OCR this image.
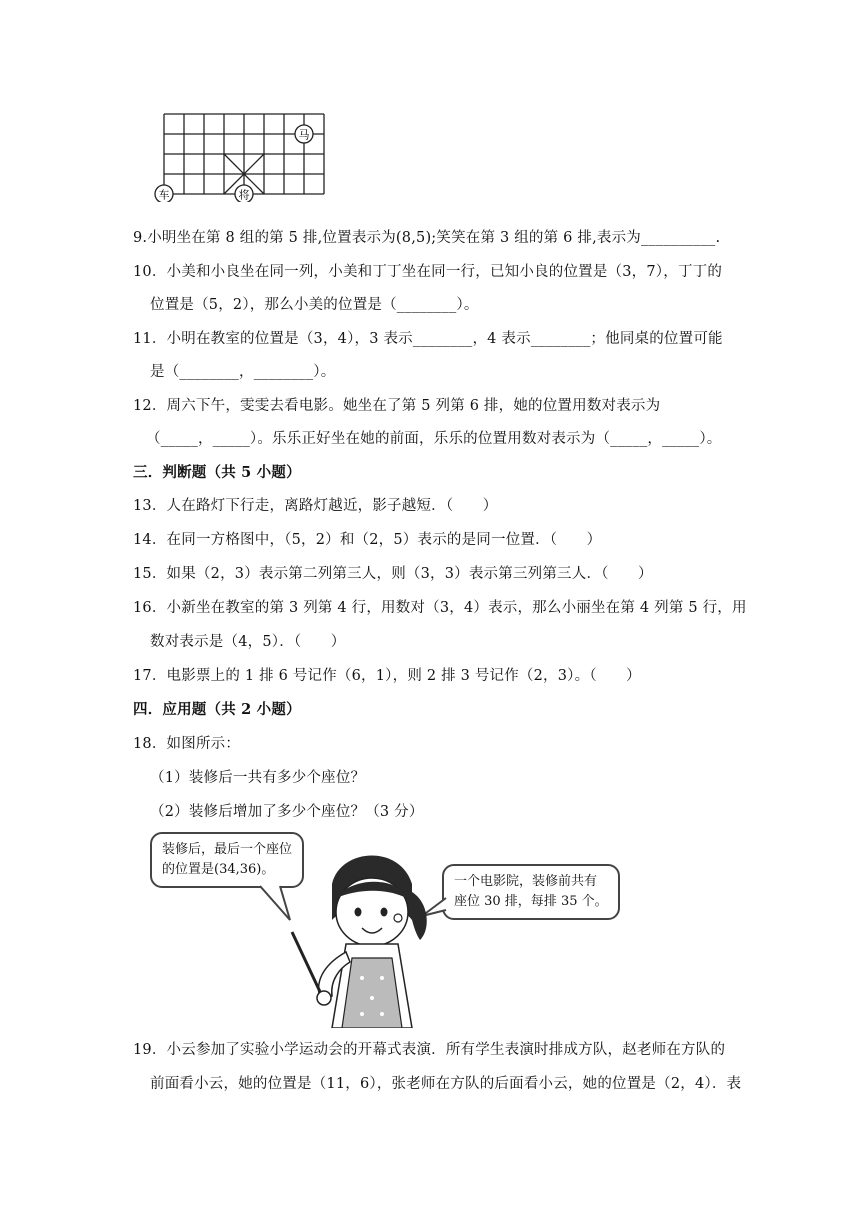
马
车	将
9.小明坐在第 8 组的第 5 排,位置表示为(8,5);笑笑在第 3 组的第 6 排,表示为__________.
10．小美和小良坐在同一列，小美和丁丁坐在同一行，已知小良的位置是（3，7），丁丁的
位置是（5，2），那么小美的位置是（________）。
11．小明在教室的位置是（3，4），3 表示________，4 表示________；他同桌的位置可能
是（________，________）。
12．周六下午，雯雯去看电影。她坐在了第 5 列第 6 排，她的位置用数对表示为
（_____，_____）。乐乐正好坐在她的前面，乐乐的位置用数对表示为（_____，_____）。
三．判断题（共 5 小题）
13．人在路灯下行走，离路灯越近，影子越短．（　　）
14．在同一方格图中，（5，2）和（2，5）表示的是同一位置．（　　）
15．如果（2，3）表示第二列第三人，则（3，3）表示第三列第三人．（　　）
16．小新坐在教室的第 3 列第 4 行，用数对（3，4）表示，那么小丽坐在第 4 列第 5 行，用
数对表示是（4，5）．（　　）
17．电影票上的 1 排 6 号记作（6，1），则 2 排 3 号记作（2，3）。（　　）
四．应用题（共 2 小题）
18．如图所示：
（1）装修后一共有多少个座位？
（2）装修后增加了多少个座位？（3 分）
装修后，最后一个座位
的位置是(34,36)。
一个电影院，装修前共有
座位 30 排，每排 35 个。
19．小云参加了实验小学运动会的开幕式表演．所有学生表演时排成方队，赵老师在方队的
前面看小云，她的位置是（11，6），张老师在方队的后面看小云，她的位置是（2，4）．表
